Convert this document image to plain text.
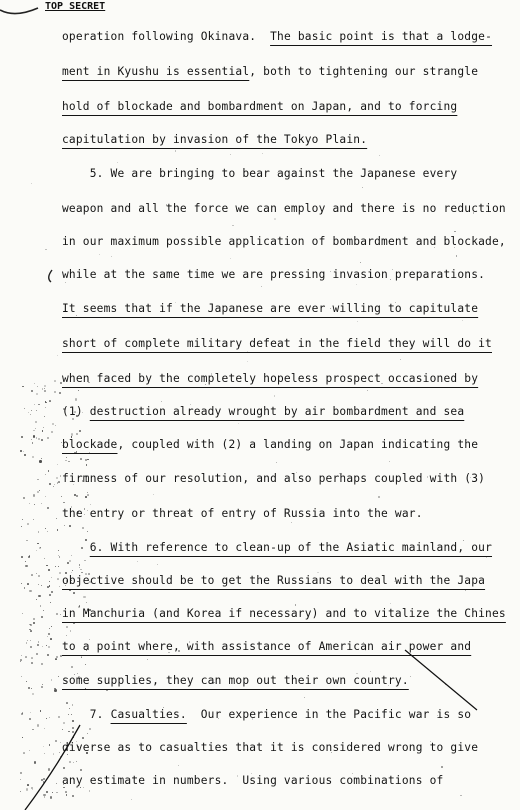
TOP SECRET
operation following Okinava.  The basic point is that a lodge-
ment in Kyushu is essential, both to tightening our strangle
hold of blockade and bombardment on Japan, and to forcing
capitulation by invasion of the Tokyo Plain.
5. We are bringing to bear against the Japanese every
weapon and all the force we can employ and there is no reduction
in our maximum possible application of bombardment and blockade,
while at the same time we are pressing invasion preparations.
It seems that if the Japanese are ever willing to capitulate
short of complete military defeat in the field they will do it
when faced by the completely hopeless prospect occasioned by
(1) destruction already wrought by air bombardment and sea
blockade, coupled with (2) a landing on Japan indicating the
firmness of our resolution, and also perhaps coupled with (3)
the entry or threat of entry of Russia into the war.
6. With reference to clean-up of the Asiatic mainland, our
objective should be to get the Russians to deal with the Japa
in Manchuria (and Korea if necessary) and to vitalize the Chines
to a point where, with assistance of American air power and
some supplies, they can mop out their own country.
7. Casualties.  Our experience in the Pacific war is so
diverse as to casualties that it is considered wrong to give
any estimate in numbers.  Using various combinations of
